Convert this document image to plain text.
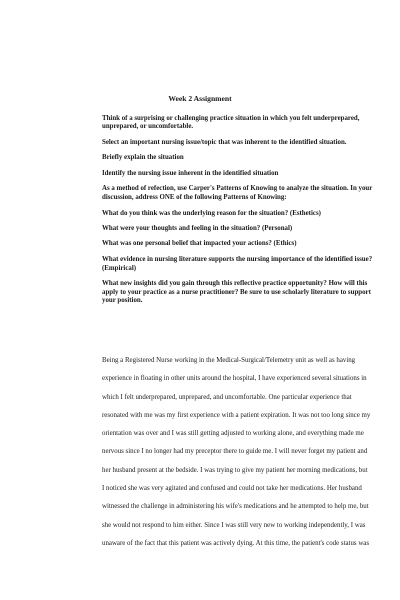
Week 2 Assignment

Think of a surprising or challenging practice situation in which you felt underprepared, unprepared, or uncomfortable.

Select an important nursing issue/topic that was inherent to the identified situation.

Briefly explain the situation

Identify the nursing issue inherent in the identified situation

As a method of refection, use Carper's Patterns of Knowing to analyze the situation. In your discussion, address ONE of the following Patterns of Knowing:

What do you think was the underlying reason for the situation? (Esthetics)

What were your thoughts and feeling in the situation? (Personal)

What was one personal belief that impacted your actions? (Ethics)

What evidence in nursing literature supports the nursing importance of the identified issue? (Empirical)

What new insights did you gain through this reflective practice opportunity? How will this apply to your practice as a nurse practitioner? Be sure to use scholarly literature to support your position.

Being a Registered Nurse working in the Medical-Surgical/Telemetry unit as well as having
experience in floating in other units around the hospital, I have experienced several situations in
which I felt underprepared, unprepared, and uncomfortable. One particular experience that
resonated with me was my first experience with a patient expiration. It was not too long since my
orientation was over and I was still getting adjusted to working alone, and everything made me
nervous since I no longer had my preceptor there to guide me. I will never forget my patient and
her husband present at the bedside. I was trying to give my patient her morning medications, but
I noticed she was very agitated and confused and could not take her medications. Her husband
witnessed the challenge in administering his wife's medications and he attempted to help me, but
she would not respond to him either. Since I was still very new to working independently, I was
unaware of the fact that this patient was actively dying. At this time, the patient's code status was
